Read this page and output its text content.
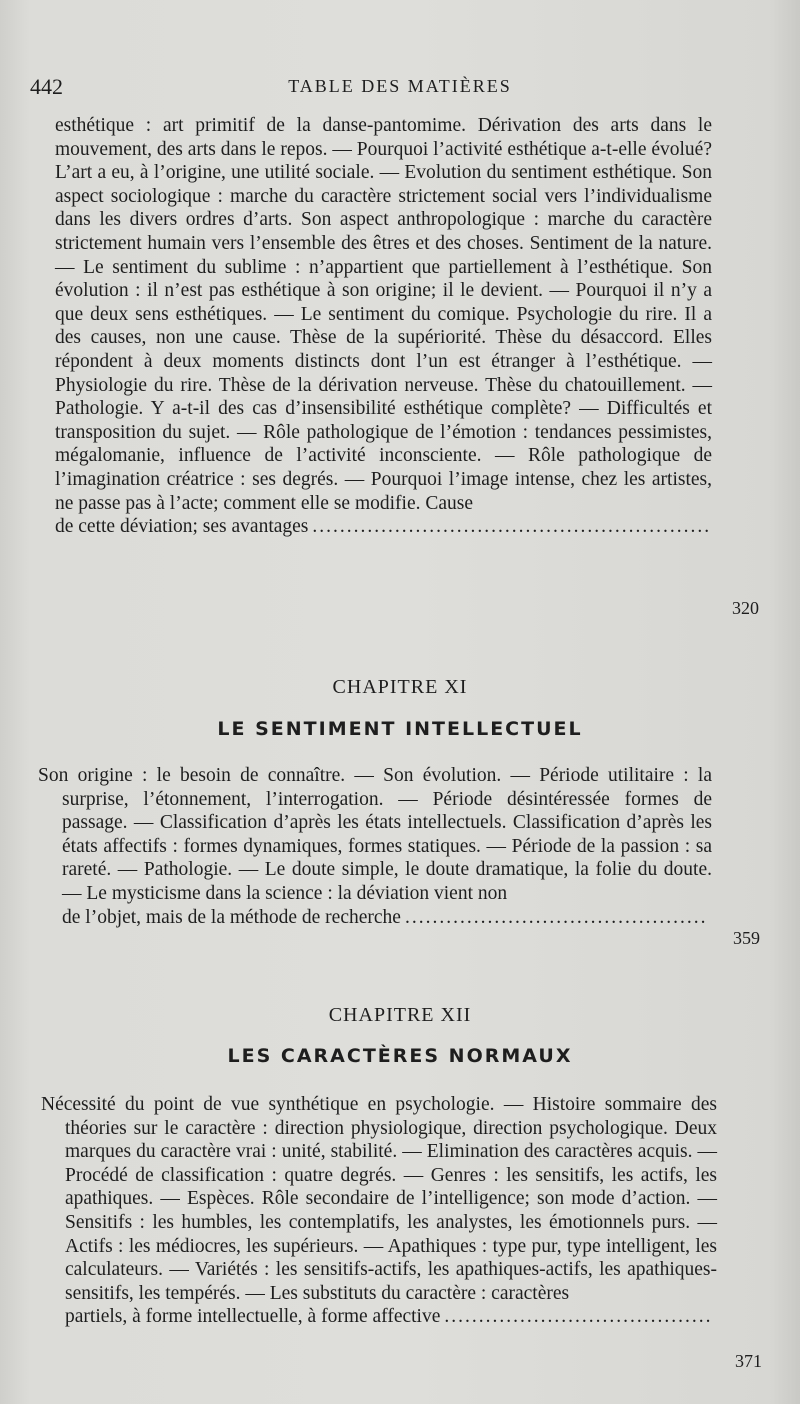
442	TABLE DES MATIÈRES
esthétique : art primitif de la danse-pantomime. Dérivation des arts dans le mouvement, des arts dans le repos. — Pourquoi l’activité esthétique a-t-elle évolué? L’art a eu, à l’origine, une utilité sociale. — Evolution du sentiment esthétique. Son aspect sociologique : marche du caractère strictement social vers l’individualisme dans les divers ordres d’arts. Son aspect anthropologique : marche du caractère strictement humain vers l’ensemble des êtres et des choses. Sentiment de la nature. — Le sentiment du sublime : n’appartient que partiellement à l’esthétique. Son évolution : il n’est pas esthétique à son origine; il le devient. — Pourquoi il n’y a que deux sens esthétiques. — Le sentiment du comique. Psychologie du rire. Il a des causes, non une cause. Thèse de la supériorité. Thèse du désaccord. Elles répondent à deux moments distincts dont l’un est étranger à l’esthétique. — Physiologie du rire. Thèse de la dérivation nerveuse. Thèse du chatouillement. — Pathologie. Y a-t-il des cas d’insensibilité esthétique complète? — Difficultés et transposition du sujet. — Rôle pathologique de l’émotion : tendances pessimistes, mégalomanie, influence de l’activité inconsciente. — Rôle pathologique de l’imagination créatrice : ses degrés. — Pourquoi l’image intense, chez les artistes, ne passe pas à l’acte; comment elle se modifie. Cause
de cette déviation; ses avantages
.....
320
CHAPITRE XI
LE SENTIMENT INTELLECTUEL
Son origine : le besoin de connaître. — Son évolution. — Période utilitaire : la surprise, l’étonnement, l’interrogation. — Période désintéressée formes de passage. — Classification d’après les états intellectuels. Classification d’après les états affectifs : formes dynamiques, formes statiques. — Période de la passion : sa rareté. — Pathologie. — Le doute simple, le doute dramatique, la folie du doute. — Le mysticisme dans la science : la déviation vient non
de l’objet, mais de la méthode de recherche
.....
359
CHAPITRE XII
LES CARACTÈRES NORMAUX
Nécessité du point de vue synthétique en psychologie. — Histoire sommaire des théories sur le caractère : direction physiologique, direction psychologique. Deux marques du caractère vrai : unité, stabilité. — Elimination des caractères acquis. — Procédé de classification : quatre degrés. — Genres : les sensitifs, les actifs, les apathiques. — Espèces. Rôle secondaire de l’intelligence; son mode d’action. — Sensitifs : les humbles, les contemplatifs, les analystes, les émotionnels purs. — Actifs : les médiocres, les supérieurs. — Apathiques : type pur, type intelligent, les calculateurs. — Variétés : les sensitifs-actifs, les apathiques-actifs, les apathiques-sensitifs, les tempérés. — Les substituts du caractère : caractères
partiels, à forme intellectuelle, à forme affective
.....
371
